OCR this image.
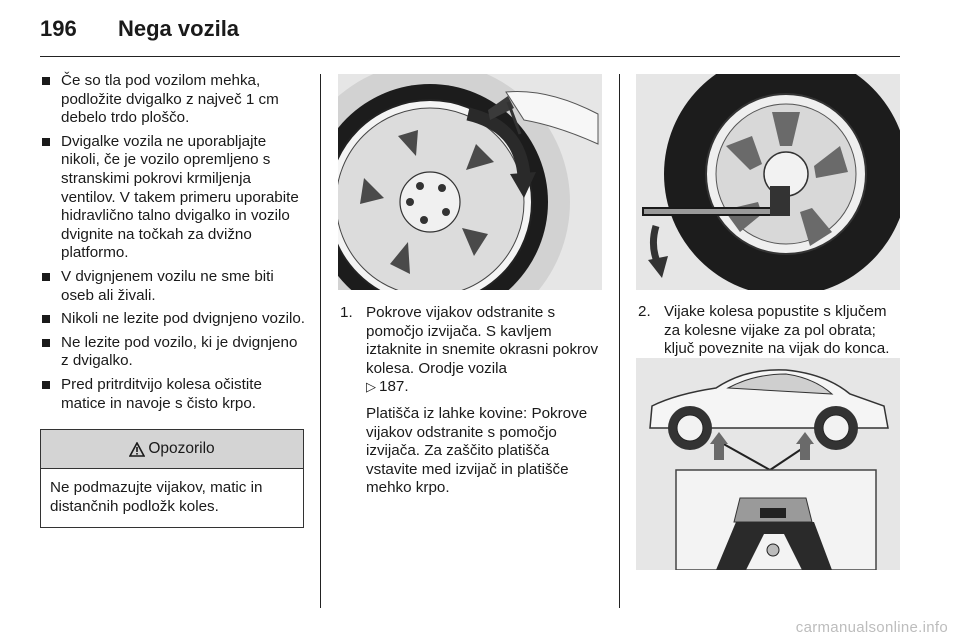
196	Nega vozila
Če so tla pod vozilom mehka, podložite dvigalko z največ 1 cm debelo trdo ploščo.
Dvigalke vozila ne uporabljajte nikoli, če je vozilo opremljeno s stranskimi pokrovi krmiljenja ventilov. V takem primeru uporabite hidravlično talno dvigalko in vozilo dvignite na točkah za dvižno platformo.
V dvignjenem vozilu ne sme biti oseb ali živali.
Nikoli ne lezite pod dvignjeno vozilo.
Ne lezite pod vozilo, ki je dvignjeno z dvigalko.
Pred pritrditvijo kolesa očistite matice in navoje s čisto krpo.
Opozorilo
Ne podmazujte vijakov, matic in distančnih podložk koles.
1. Pokrove vijakov odstranite s pomočjo izvijača. S kavljem iztaknite in snemite okrasni pokrov kolesa. Orodje vozila
▷ 187.
Platišča iz lahke kovine: Pokrove vijakov odstranite s pomočjo izvijača. Za zaščito platišča vstavite med izvijač in platišče mehko krpo.
2. Vijake kolesa popustite s ključem za kolesne vijake za pol obrata; ključ poveznite na vijak do konca.
carmanualsonline.info
